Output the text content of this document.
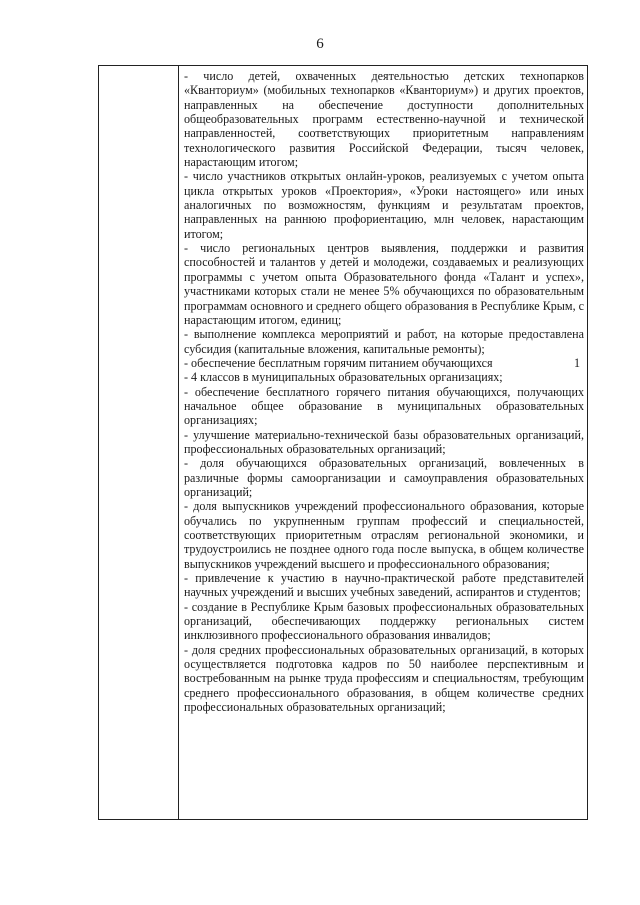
6

- число детей, охваченных деятельностью детских технопарков «Кванториум» (мобильных технопарков «Кванториум») и других проектов, направленных на обеспечение доступности дополнительных общеобразовательных программ естественно-научной и технической направленностей, соответствующих приоритетным направлениям технологического развития Российской Федерации, тысяч человек, нарастающим итогом;

- число участников открытых онлайн-уроков, реализуемых с учетом опыта цикла открытых уроков «Проектория», «Уроки настоящего» или иных аналогичных по возможностям, функциям и результатам проектов, направленных на раннюю профориентацию, млн человек, нарастающим итогом;

- число региональных центров выявления, поддержки и развития способностей и талантов у детей и молодежи, создаваемых и реализующих программы с учетом опыта Образовательного фонда «Талант и успех», участниками которых стали не менее 5% обучающихся по образовательным программам основного и среднего общего образования в Республике Крым, с нарастающим итогом, единиц;

- выполнение комплекса мероприятий и работ, на которые предоставлена субсидия (капитальные вложения, капитальные ремонты);

- обеспечение бесплатным горячим питанием обучающихся	1

- 4 классов в муниципальных образовательных организациях;

- обеспечение бесплатного горячего питания обучающихся, получающих начальное общее образование в муниципальных образовательных организациях;

- улучшение материально-технической базы образовательных организаций, профессиональных образовательных организаций;

- доля обучающихся образовательных организаций, вовлеченных в различные формы самоорганизации и самоуправления образовательных организаций;

- доля выпускников учреждений профессионального образования, которые обучались по укрупненным группам профессий и специальностей, соответствующих приоритетным отраслям региональной экономики, и трудоустроились не позднее одного года после выпуска, в общем количестве выпускников учреждений высшего и профессионального образования;

- привлечение к участию в научно-практической работе представителей научных учреждений и высших учебных заведений, аспирантов и студентов;

- создание в Республике Крым базовых профессиональных образовательных организаций, обеспечивающих поддержку региональных систем инклюзивного профессионального образования инвалидов;

- доля средних профессиональных образовательных организаций, в которых осуществляется подготовка кадров по 50 наиболее перспективным и востребованным на рынке труда профессиям и специальностям, требующим среднего профессионального образования, в общем количестве средних профессиональных образовательных организаций;
